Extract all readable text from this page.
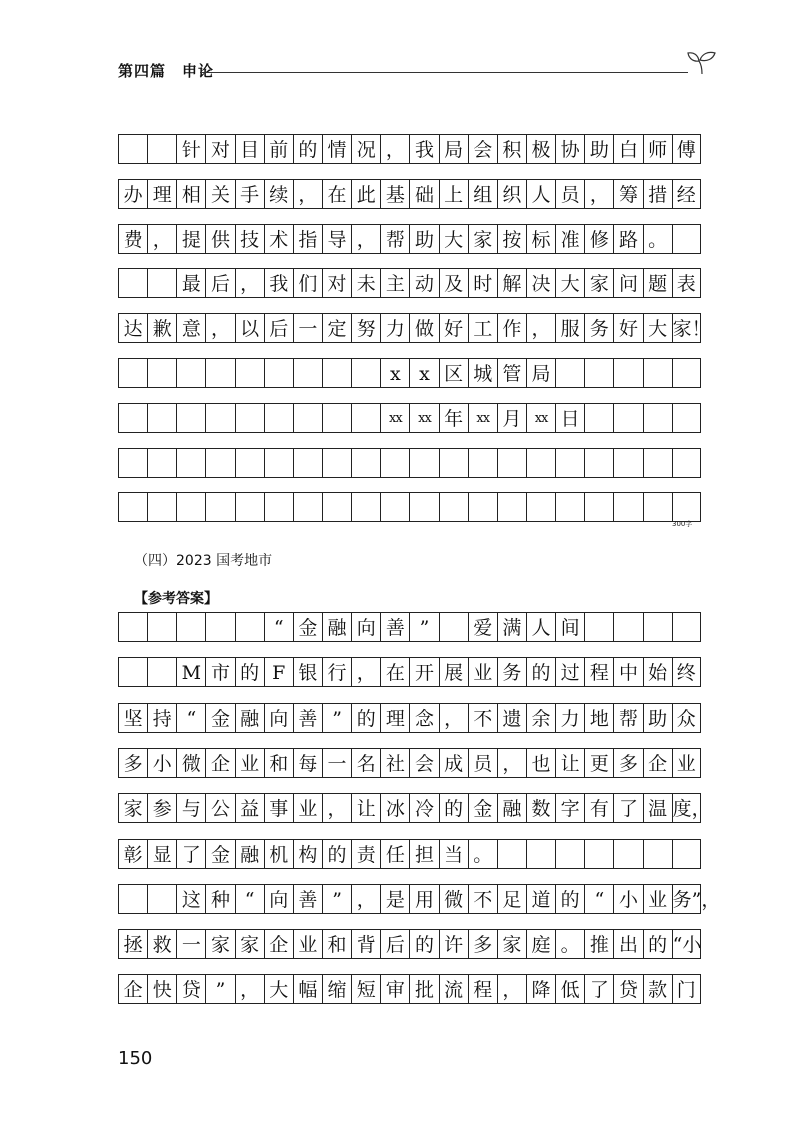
第四篇　申论
针 对 目 前 的 情 况 ， 我 局 会 积 极 协 助 白 师 傅
办 理 相 关 手 续 ， 在 此 基 础 上 组 织 人 员 ， 筹 措 经
费 ， 提 供 技 术 指 导 ， 帮 助 大 家 按 标 准 修 路 。
最 后 ， 我 们 对 未 主 动 及 时 解 决 大 家 问 题 表
达 歉 意 ， 以 后 一 定 努 力 做 好 工 作 ， 服 务 好 大 家！
x x 区 城 管 局
xx	xx 年	xx 月	xx 日
300字
（四）2023 国考地市
【参考答案】
“ 金 融 向 善 ”	爱 满 人 间
M 市 的 F 银 行 ， 在 开 展 业 务 的 过 程 中 始 终
坚 持 “ 金 融 向 善 ” 的 理 念 ， 不 遗 余 力 地 帮 助 众
多 小 微 企 业 和 每 一 名 社 会 成 员 ， 也 让 更 多 企 业
家 参 与 公 益 事 业 ， 让 冰 冷 的 金 融 数 字 有 了 温 度，
彰 显 了 金 融 机 构 的 责 任 担 当 。
这 种 “ 向 善 ” ， 是 用 微 不 足 道 的 “ 小 业 务”，
拯 救 一 家 家 企 业 和 背 后 的 许 多 家 庭 。 推 出 的 “小
企 快 贷 ” ， 大 幅 缩 短 审 批 流 程 ， 降 低 了 贷 款 门
150
